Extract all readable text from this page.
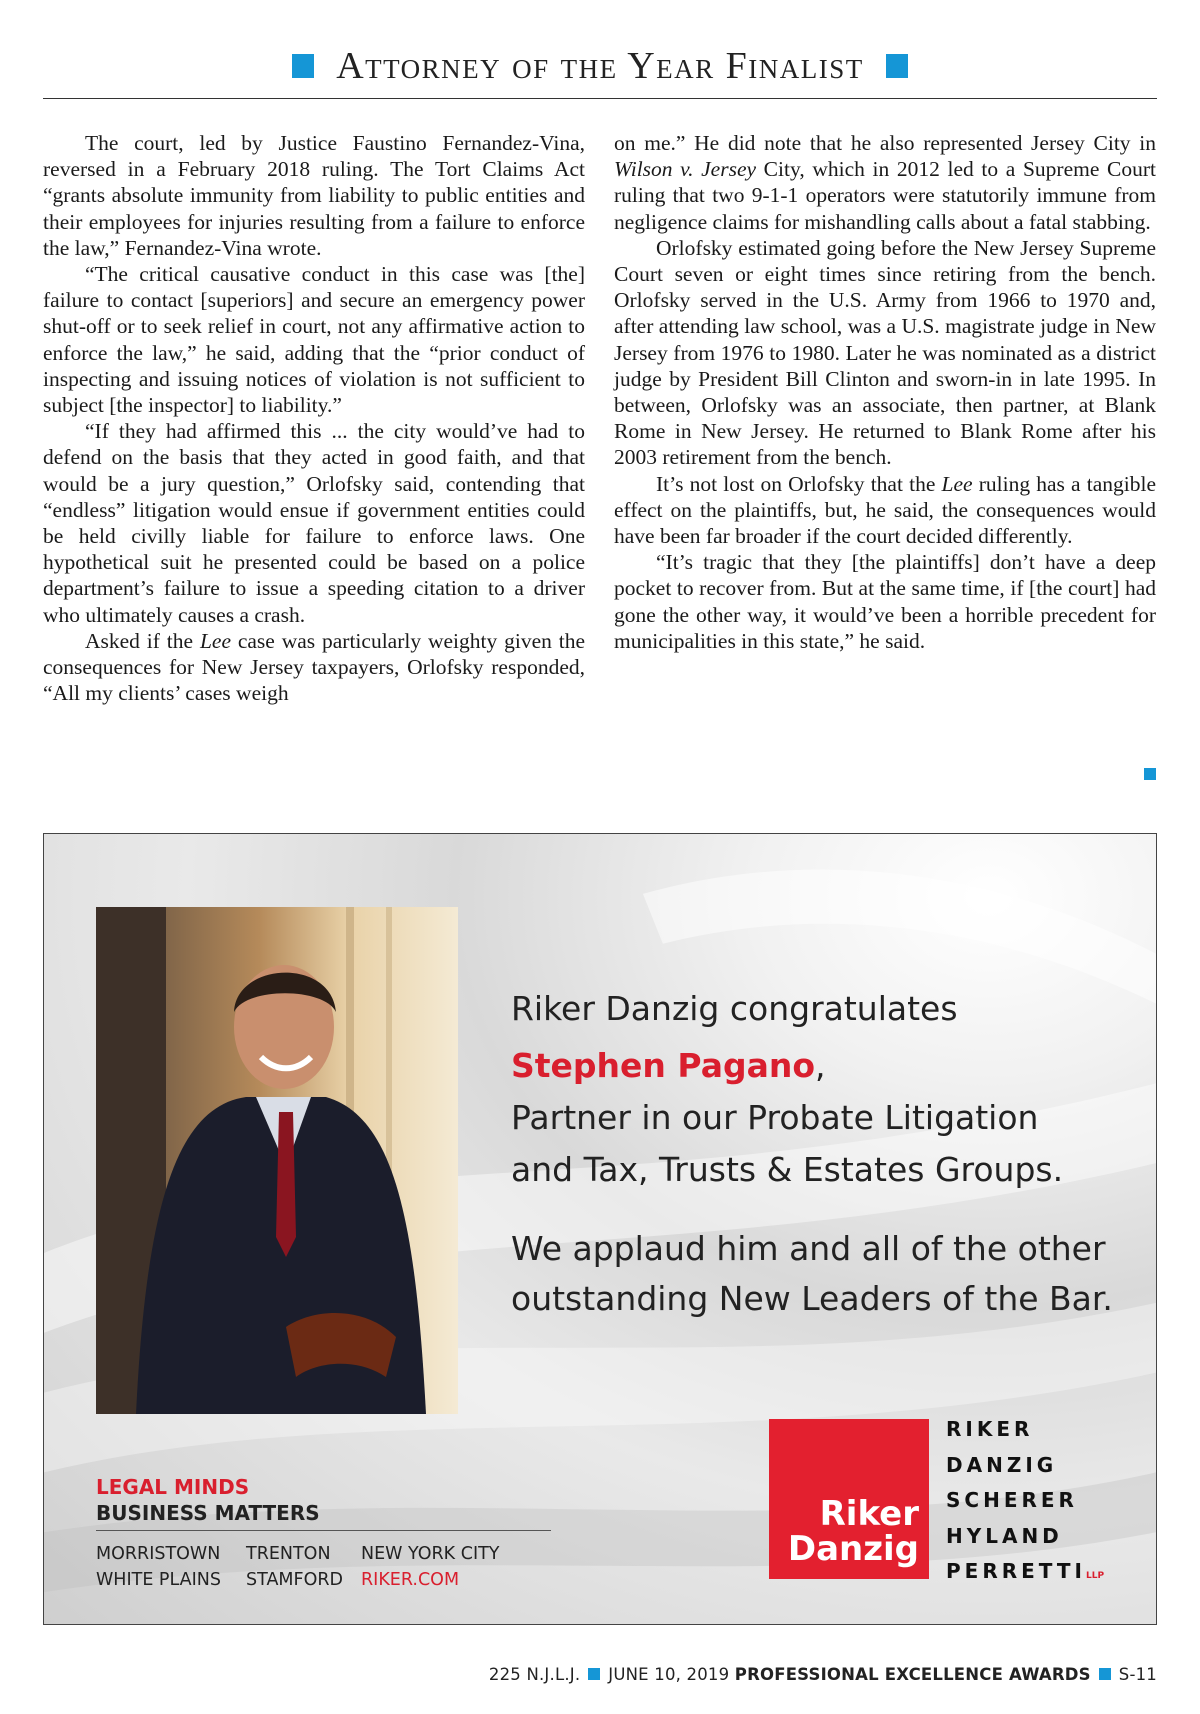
Attorney of the Year Finalist

The court, led by Justice Faustino Fernandez-Vina, reversed in a February 2018 ruling. The Tort Claims Act “grants absolute immunity from liability to public entities and their employees for injuries resulting from a failure to enforce the law,” Fernandez-Vina wrote.

“The critical causative conduct in this case was [the] failure to contact [superiors] and secure an emergency power shut-off or to seek relief in court, not any affirmative action to enforce the law,” he said, adding that the “prior conduct of inspecting and issuing notices of violation is not sufficient to subject [the inspector] to liability.”

“If they had affirmed this ... the city would’ve had to defend on the basis that they acted in good faith, and that would be a jury question,” Orlofsky said, contending that “endless” litigation would ensue if government entities could be held civilly liable for failure to enforce laws. One hypothetical suit he presented could be based on a police department’s failure to issue a speeding citation to a driver who ultimately causes a crash.

Asked if the Lee case was particularly weighty given the consequences for New Jersey taxpayers, Orlofsky responded, “All my clients’ cases weigh

on me.” He did note that he also represented Jersey City in Wilson v. Jersey City, which in 2012 led to a Supreme Court ruling that two 9-1-1 operators were statutorily immune from negligence claims for mishandling calls about a fatal stabbing.

Orlofsky estimated going before the New Jersey Supreme Court seven or eight times since retiring from the bench. Orlofsky served in the U.S. Army from 1966 to 1970 and, after attending law school, was a U.S. magistrate judge in New Jersey from 1976 to 1980. Later he was nominated as a district judge by President Bill Clinton and sworn-in in late 1995. In between, Orlofsky was an associate, then partner, at Blank Rome in New Jersey. He returned to Blank Rome after his 2003 retirement from the bench.

It’s not lost on Orlofsky that the Lee ruling has a tangible effect on the plaintiffs, but, he said, the consequences would have been far broader if the court decided differently.

“It’s tragic that they [the plaintiffs] don’t have a deep pocket to recover from. But at the same time, if [the court] had gone the other way, it would’ve been a horrible precedent for municipalities in this state,” he said.

Riker Danzig congratulates
Stephen Pagano,
Partner in our Probate Litigation
and Tax, Trusts & Estates Groups.
We applaud him and all of the other
outstanding New Leaders of the Bar.
LEGAL MINDS
BUSINESS MATTERS
MORRISTOWN TRENTON NEW YORK CITY
WHITE PLAINS STAMFORD RIKER.COM
Riker
Danzig
RIKER
DANZIG
SCHERER
HYLAND
PERRETTILLP
225 N.J.L.J. JUNE 10, 2019 PROFESSIONAL EXCELLENCE AWARDS S-11
